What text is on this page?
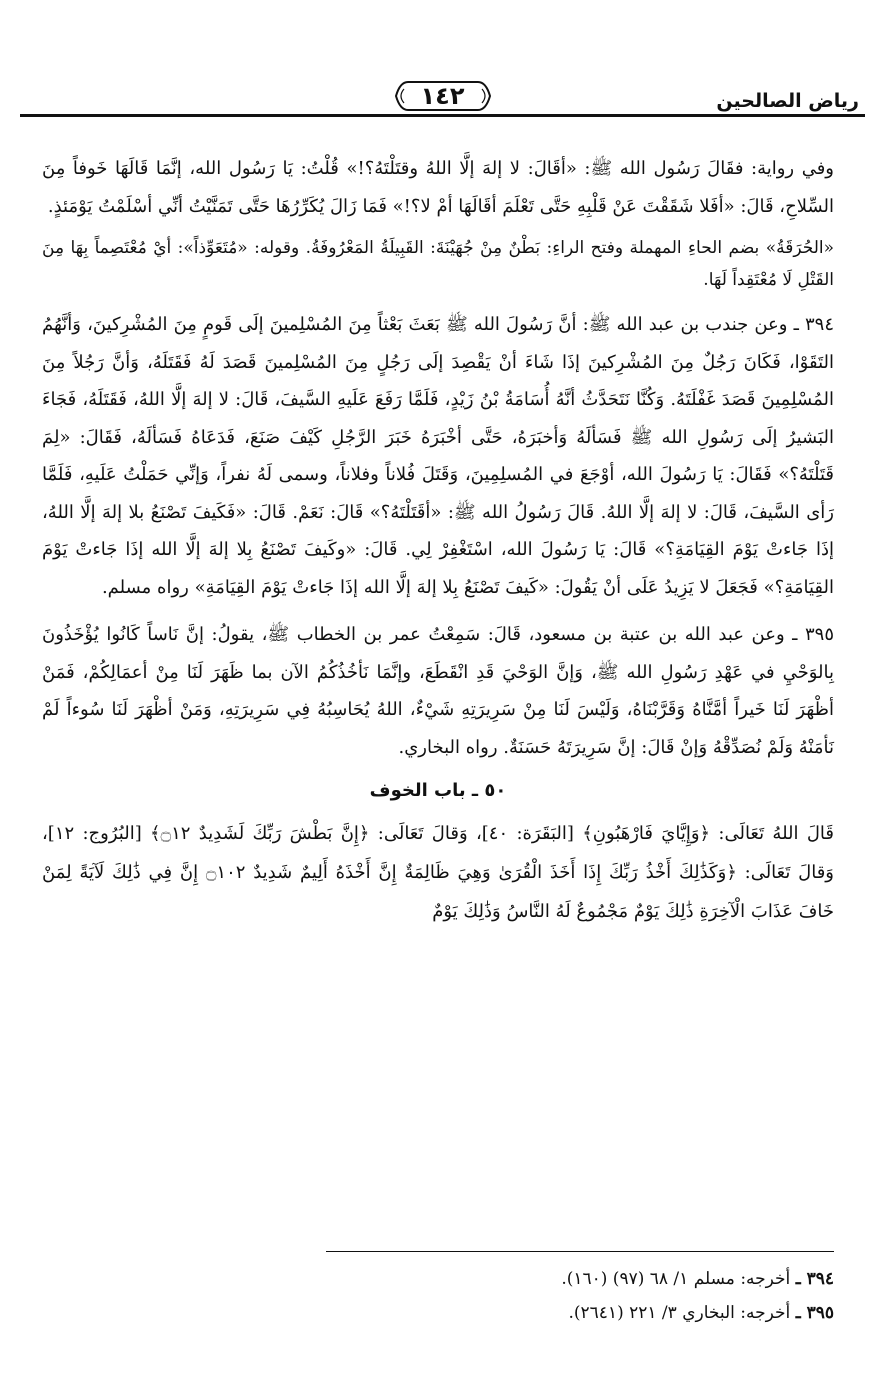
رياض الصالحين
١٤٢

وفي رواية: فقَالَ رَسُول الله ﷺ: «أقَالَ: لا إلهَ إلَّا اللهُ وقتَلْتَهُ؟!» قُلْتُ: يَا رَسُول الله، إنَّمَا قَالَهَا خَوفاً مِنَ السِّلاحِ، قَالَ: «أفَلا شَقَقْتَ عَنْ قَلْبِهِ حَتَّى تَعْلَمَ أقَالَهَا أمْ لا؟!» فَمَا زَالَ يُكَرِّرُهَا حَتَّى تَمَنَّيْتُ أنِّي أسْلَمْتُ يَوْمَئذٍ.

«الحُرَقَةُ» بضم الحاءِ المهملة وفتح الراءِ: بَطْنٌ مِنْ جُهَيْنَةَ: القَبِيلَةُ المَعْرُوفَةُ. وقوله: «مُتَعَوِّذاً»: أيْ مُعْتَصِماً بِهَا مِنَ القَتْلِ لَا مُعْتَقِداً لَهَا.

٣٩٤ ـ وعن جندب بن عبد الله ﷺ: أنَّ رَسُولَ الله ﷺ بَعَثَ بَعْثاً مِنَ المُسْلِمينَ إلَى قَومٍ مِنَ المُشْرِكينَ، وَأنَّهُمُ التَقَوْا، فَكَانَ رَجُلٌ مِنَ المُشْرِكينَ إذَا شَاءَ أنْ يَقْصِدَ إلَى رَجُلٍ مِنَ المُسْلِمينَ قَصَدَ لَهُ فَقَتَلَهُ، وَأنَّ رَجُلاً مِنَ المُسْلِمِينَ قَصَدَ غَفْلَتَهُ. وَكُنَّا نَتَحَدَّثُ أنَّهُ أُسَامَةُ بْنُ زَيْدٍ، فَلَمَّا رَفَعَ عَلَيهِ السَّيفَ، قَالَ: لا إلهَ إلَّا اللهُ، فَقَتَلَهُ، فَجَاءَ البَشيرُ إلَى رَسُولِ الله ﷺ فَسَألَهُ وَأخبَرَهُ، حَتَّى أخْبَرَهُ خَبَرَ الرَّجُلِ كَيْفَ صَنَعَ، فَدَعَاهُ فَسَألَهُ، فَقَالَ: «لِمَ قَتَلْتَهُ؟» فَقَالَ: يَا رَسُولَ الله، أوْجَعَ في المُسلِمِينَ، وَقَتَلَ فُلاناً وفلاناً، وسمى لَهُ نفراً، وَإنِّي حَمَلْتُ عَلَيهِ، فَلَمَّا رَأى السَّيفَ، قَالَ: لا إلهَ إلَّا اللهُ. قَالَ رَسُولُ الله ﷺ: «أقَتَلْتَهُ؟» قَالَ: نَعَمْ. قَالَ: «فَكَيفَ تَصْنَعُ بلا إلهَ إلَّا اللهُ، إذَا جَاءتْ يَوْمَ القِيَامَةِ؟» قَالَ: يَا رَسُولَ الله، اسْتَغْفِرْ لِي. قَالَ: «وكَيفَ تَصْنَعُ بِلا إلهَ إلَّا الله إذَا جَاءتْ يَوْمَ القِيَامَةِ؟» فَجَعَلَ لا يَزِيدُ عَلَى أنْ يَقُولَ: «كَيفَ تَصْنَعُ بِلا إلهَ إلَّا الله إذَا جَاءتْ يَوْمَ القِيَامَةِ» رواه مسلم.

٣٩٥ ـ وعن عبد الله بن عتبة بن مسعود، قَالَ: سَمِعْتُ عمر بن الخطاب ﷺ، يقولُ: إنَّ نَاساً كَانُوا يُؤْخَذُونَ بِالوَحْيِ في عَهْدِ رَسُولِ الله ﷺ، وَإنَّ الوَحْيَ قَدِ انْقَطَعَ، وإنَّمَا نَأخُذُكُمُ الآن بما ظَهَرَ لَنَا مِنْ أعمَالِكُمْ، فَمَنْ أظْهَرَ لَنَا خَيراً أمَّنَّاهُ وَقَرَّبْنَاهُ، وَلَيْسَ لَنَا مِنْ سَرِيرَتِهِ شَيْءٌ، اللهُ يُحَاسِبُهُ فِي سَرِيرَتِهِ، وَمَنْ أظْهَرَ لَنَا سُوءاً لَمْ نَأمَنْهُ وَلَمْ نُصَدِّقْهُ وَإنْ قَالَ: إنَّ سَرِيرَتَهُ حَسَنَةٌ. رواه البخاري.

٥٠ ـ باب الخوف

قَالَ اللهُ تَعَالَى: ﴿وَإِيَّايَ فَارْهَبُونِ﴾ [البَقَرَة: ٤٠]، وَقالَ تَعَالَى: ﴿إِنَّ بَطْشَ رَبِّكَ لَشَدِيدٌ ۝١٢﴾ [البُرُوج: ١٢]، وَقالَ تَعَالَى: ﴿وَكَذَٰلِكَ أَخْذُ رَبِّكَ إِذَا أَخَذَ الْقُرَىٰ وَهِيَ ظَالِمَةٌ إِنَّ أَخْذَهُ أَلِيمٌ شَدِيدٌ ۝١٠٢ إِنَّ فِي ذَٰلِكَ لَآيَةً لِمَنْ خَافَ عَذَابَ الْآخِرَةِ ذَٰلِكَ يَوْمٌ مَجْمُوعٌ لَهُ النَّاسُ وَذَٰلِكَ يَوْمٌ

٣٩٤ ـ أخرجه: مسلم ١/ ٦٨ (٩٧) (١٦٠).
٣٩٥ ـ أخرجه: البخاري ٣/ ٢٢١ (٢٦٤١).
